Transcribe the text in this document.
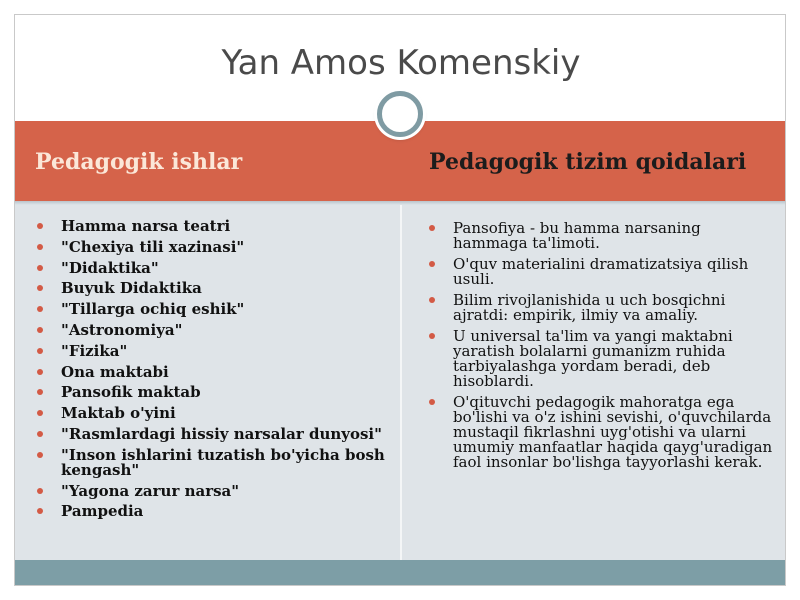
Yan Amos Komenskiy
Pedagogik ishlar	Pedagogik tizim qoidalari
Hamma narsa teatri
"Chexiya tili xazinasi"
"Didaktika"
Buyuk Didaktika
"Tillarga ochiq eshik"
"Astronomiya"
"Fizika"
Ona maktabi
Pansofik maktab
Maktab o'yini
"Rasmlardagi hissiy narsalar dunyosi"
"Inson ishlarini tuzatish bo'yicha bosh kengash"
"Yagona zarur narsa"
Pampedia
Pansofiya - bu hamma narsaning hammaga ta'limoti.
O'quv materialini dramatizatsiya qilish usuli.
Bilim rivojlanishida u uch bosqichni ajratdi: empirik, ilmiy va amaliy.
U universal ta'lim va yangi maktabni yaratish bolalarni gumanizm ruhida tarbiyalashga yordam beradi, deb hisoblardi.
O'qituvchi pedagogik mahoratga ega bo'lishi va o'z ishini sevishi, o'quvchilarda mustaqil fikrlashni uyg'otishi va ularni umumiy manfaatlar haqida qayg'uradigan faol insonlar bo'lishga tayyorlashi kerak.
